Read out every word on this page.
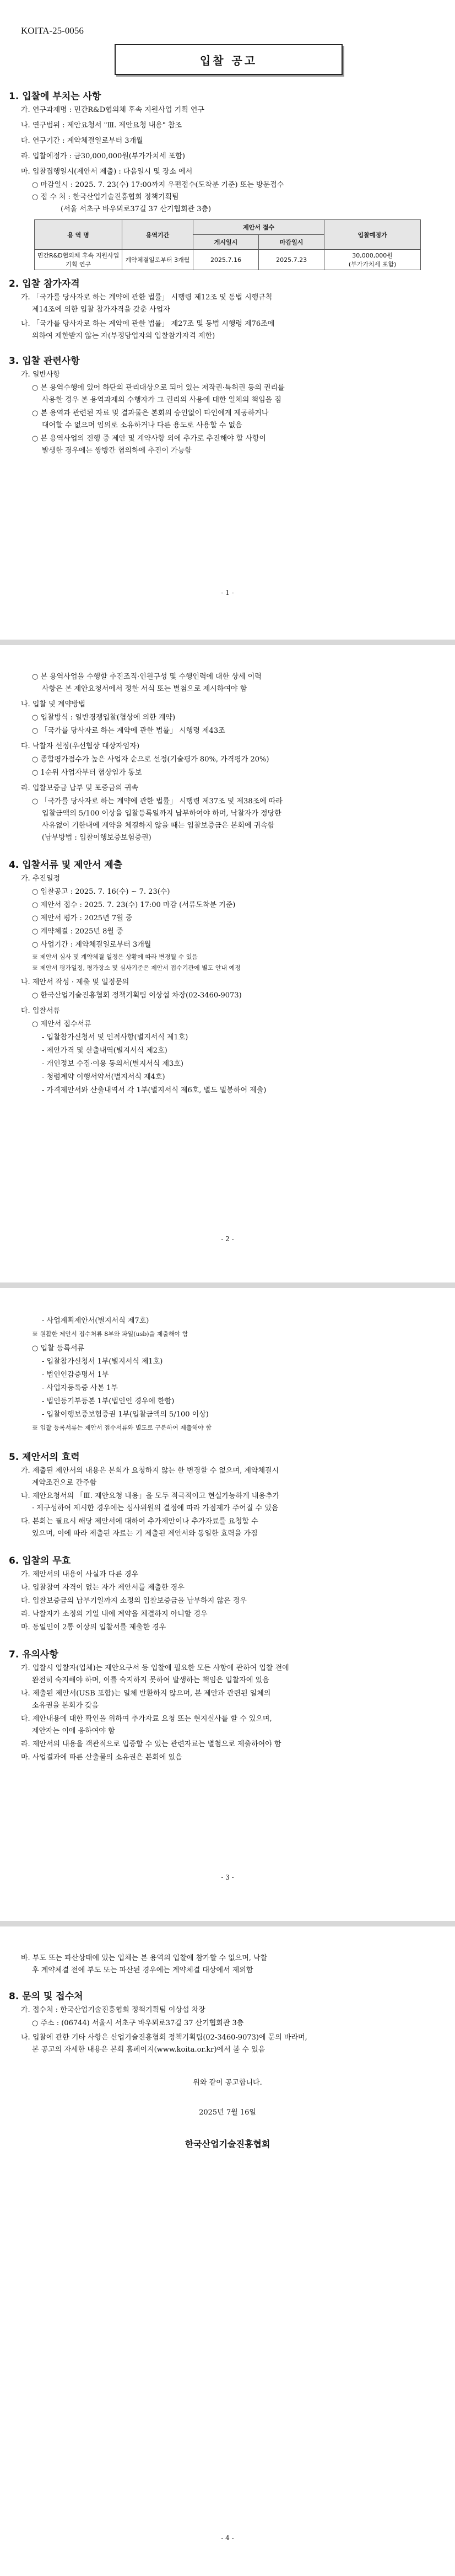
KOITA-25-0056
입찰 공고
1. 입찰에 부치는 사항
가. 연구과제명 : 민간R&D협의체 후속 지원사업 기획 연구
나. 연구범위 : 제안요청서 "Ⅲ. 제안요청 내용" 참조
다. 연구기간 : 계약체결일로부터 3개월
라. 입찰예정가 : 금30,000,000원(부가가치세 포함)
마. 입찰집행일시(제안서 제출) : 다음일시 및 장소 에서
○ 마감일시 : 2025. 7. 23(수) 17:00까지 우편접수(도착분 기준) 또는 방문접수
○ 접 수 처 : 한국산업기술진흥협회 정책기획팀
(서울 서초구 바우뫼로37길 37 산기협회관 3층)
용 역 명	용역기간	제안서 접수		입찰예정가
		게시일시	마감일시	
민간R&D협의체 후속 지원사업 기획 연구	계약체결일로부터 3개월	2025.7.16	2025.7.23	30,000,000원
(부가가치세 포함)
2. 입찰 참가자격
가. 「국가를 당사자로 하는 계약에 관한 법률」 시행령 제12조 및 동법 시행규칙
제14조에 의한 입찰 참가자격을 갖춘 사업자
나. 「국가를 당사자로 하는 계약에 관한 법률」 제27조 및 동법 시행령 제76조에
의하여 제한받지 않는 자(부정당업자의 입찰참가자격 제한)
3. 입찰 관련사항
가. 일반사항
○ 본 용역수행에 있어 하단의 관리대상으로 되어 있는 저작권·특허권 등의 권리를
사용한 경우 본 용역과제의 수행자가 그 권리의 사용에 대한 일체의 책임을 짐
○ 본 용역과 관련된 자료 및 결과물은 본회의 승인없이 타인에게 제공하거나
대여할 수 없으며 임의로 소유하거나 다른 용도로 사용할 수 없음
○ 본 용역사업의 진행 중 제안 및 계약사항 외에 추가로 추진해야 할 사항이
발생한 경우에는 쌍방간 협의하에 추진이 가능함
- 1 -
○ 본 용역사업을 수행할 추진조직·인원구성 및 수행인력에 대한 상세 이력
사항은 본 제안요청서에서 정한 서식 또는 별첨으로 제시하여야 함
나. 입찰 및 계약방법
○ 입찰방식 : 일반경쟁입찰(협상에 의한 계약)
○ 「국가를 당사자로 하는 계약에 관한 법률」 시행령 제43조
다. 낙찰자 선정(우선협상 대상자임자)
○ 종합평가점수가 높은 사업자 순으로 선정(기술평가 80%, 가격평가 20%)
○ 1순위 사업자부터 협상임가 통보
라. 입찰보증금 납부 및 포증금의 귀속
○ 「국가를 당사자로 하는 계약에 관한 법률」 시행령 제37조 및 제38조에 따라
입찰금액의 5/100 이상을 입찰등록일까지 납부하여야 하며, 낙찰자가 정당한
사유없이 기한내에 계약을 체결하지 않을 때는 입찰보증금은 본회에 귀속함
(납부방법 : 입찰이행보증보험증권)
4. 입찰서류 및 제안서 제출
가. 추진일정
○ 입찰공고 : 2025. 7. 16(수) ~ 7. 23(수)
○ 제안서 접수 : 2025. 7. 23(수) 17:00 마감 (서류도착분 기준)
○ 제안서 평가 : 2025년 7월 중
○ 계약체결 : 2025년 8월 중
○ 사업기간 : 계약체결일로부터 3개월
※ 제안서 심사 및 계약체결 일정은 상황에 따라 변경될 수 있음
※ 제안서 평가일정, 평가장소 및 심사기준은 제안서 접수기관에 별도 안내 예정
나. 제안서 작성 · 제출 및 일정문의
○ 한국산업기술진흥협회 정책기획팀 이상섭 차장(02-3460-9073)
다. 입찰서류
○ 제안서 접수서류
- 입찰참가신청서 및 인적사항(별지서식 제1호)
- 제안가격 및 산출내역(별지서식 제2호)
- 개인정보 수집·이용 동의서(별지서식 제3호)
- 청렴계약 이행서약서(별지서식 제4호)
- 가격제안서와 산출내역서 각 1부(별지서식 제6호, 별도 밀봉하여 제출)
- 2 -
- 사업계획제안서(별지서식 제7호)
※ 원활한 제안서 접수처류 8부와 파일(usb)을 제출해야 함
○ 입찰 등록서류
- 입찰참가신청서 1부(별지서식 제1호)
- 법인인감증명서 1부
- 사업자등록증 사본 1부
- 법인등기부등본 1부(법인인 경우에 한함)
- 입찰이행보증보험증권 1부(입찰금액의 5/100 이상)
※ 입찰 등록서류는 제안서 접수서류와 별도로 구분하여 제출해야 함
5. 제안서의 효력
가. 제출된 제안서의 내용은 본회가 요청하지 않는 한 변경할 수 없으며, 계약체결시
계약조건으로 간주함
나. 제안요청서의 「Ⅲ. 제안요청 내용」을 모두 적극적이고 현실가능하게 내용추가
· 제구성하여 제시한 경우에는 심사위원의 결정에 따라 가점제가 주어질 수 있음
다. 본회는 필요시 해당 제안서에 대하여 추가제안이나 추가자료를 요청할 수
있으며, 이에 따라 제출된 자료는 기 제출된 제안서와 동일한 효력을 가짐
6. 입찰의 무효
가. 제안서의 내용이 사실과 다른 경우
나. 입찰참여 자격이 없는 자가 제안서를 제출한 경우
다. 입찰보증금의 납부기일까지 소정의 입찰보증금을 납부하지 않은 경우
라. 낙찰자가 소정의 기일 내에 계약을 체결하지 아니할 경우
마. 동일인이 2통 이상의 입찰서를 제출한 경우
7. 유의사항
가. 입찰시 입찰자(업체)는 제안요구서 등 입찰에 필요한 모든 사항에 관하여 입찰 전에
완전히 숙지해야 하며, 이를 숙지하지 못하여 발생하는 책임은 입찰자에 있음
나. 제출된 제안서(USB 포함)는 일체 반환하지 않으며, 본 제안과 관련된 일체의
소유권을 본회가 갖음
다. 제안내용에 대한 확인을 위하여 추가자료 요청 또는 현지실사를 할 수 있으며,
제안자는 이에 응하여야 함
라. 제안서의 내용을 객관적으로 입증할 수 있는 관련자료는 별첨으로 제출하여야 함
마. 사업결과에 따른 산출물의 소유권은 본회에 있음
- 3 -
바. 부도 또는 파산상태에 있는 업체는 본 용역의 입찰에 참가할 수 없으며, 낙찰
후 계약체결 전에 부도 또는 파산된 경우에는 계약체결 대상에서 제외함
8. 문의 및 접수처
가. 접수처 : 한국산업기술진흥협회 정책기획팀 이상섭 차장
○ 주소 : (06744) 서울시 서초구 바우뫼로37길 37 산기협회관 3층
나. 입찰에 관한 기타 사항은 산업기술진흥협회 정책기획팀(02-3460-9073)에 문의 바라며,
본 공고의 자세한 내용은 본회 홈페이지(www.koita.or.kr)에서 볼 수 있음
위와 같이 공고합니다.
2025년 7월 16일
한국산업기술진흥협회
- 4 -
